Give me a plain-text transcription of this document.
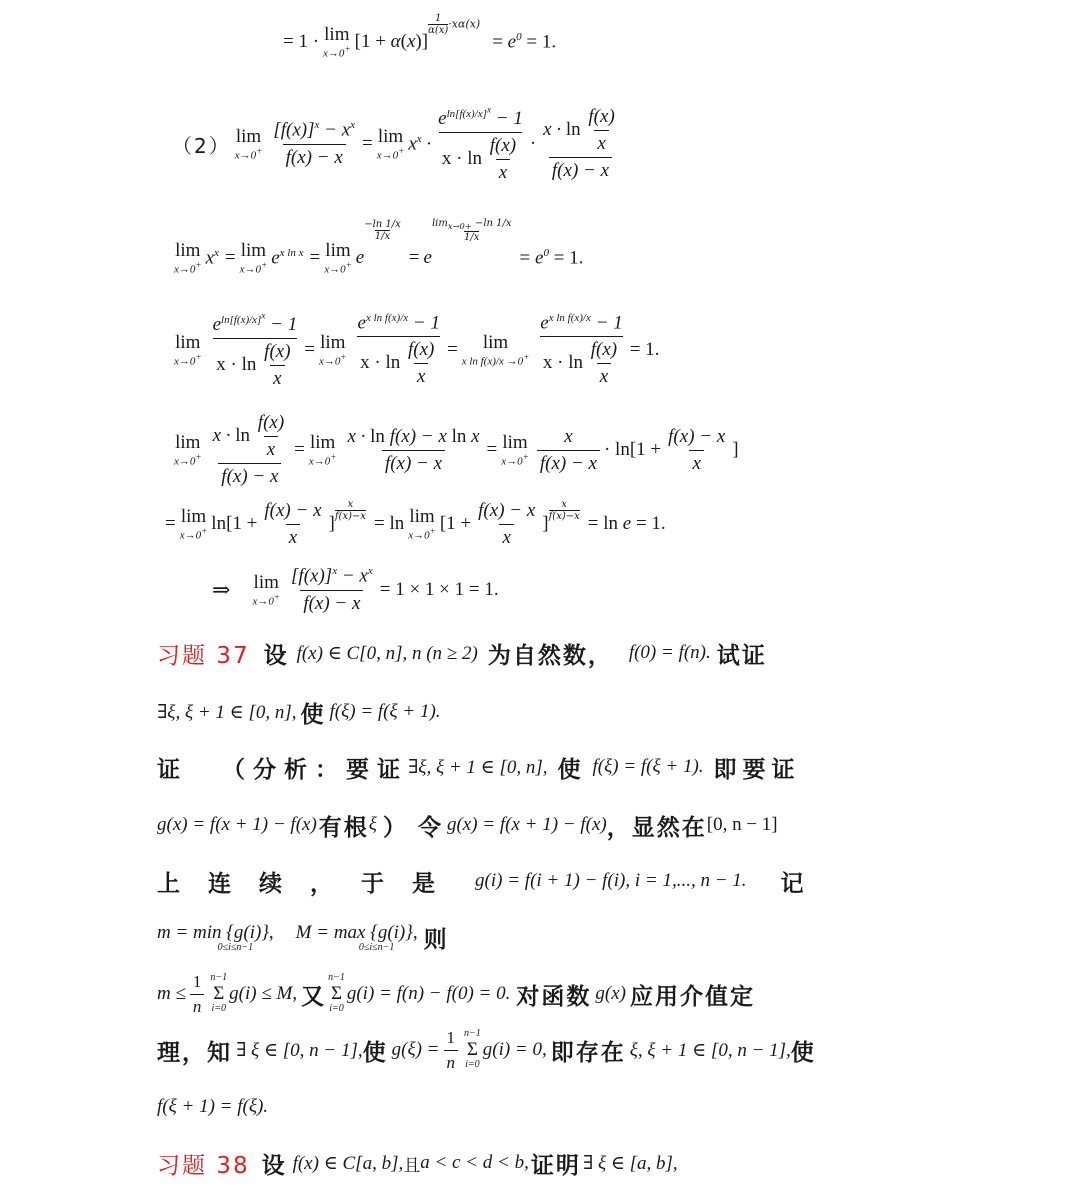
= 1 · lim
x→0+ [1 + α(x)]
$\frac{1}{\alpha(x)} \cdot x\alpha(x)$
= $e^0 = 1$.
（2） lim
$x\to 0^+ \frac{[f(x)]^x - x^x}{f(x) - x} = \lim$
x→0+ $x^x \cdot \frac{e^{ln[f(x)/x]^x} - 1}{x \cdot \ln \frac{f(x)}{x}} \cdot \frac{x \cdot \ln \frac{f(x)}{x}}{f(x) - x}$
lim
x→0+ $x^x = \lim$
x→0+ $e^{x ln x} = \lim$
x→0+ e
$\frac{-\ln 1/x}{1/x}$
= e
$\frac{\lim_{x\to 0+} -\ln 1/x}{1/x}$
= $e^0 = 1$.
lim
$x\to 0^+ \frac{e^{ln[f(x)/x]^x} - 1}{x \cdot \ln \frac{f(x)}{x}} = \lim$
$x\to 0^+ \frac{e^{x ln f(x)/x} - 1}{x \cdot \ln \frac{f(x)}{x}} = \lim$
x $\ln f(x)/x \to 0^+ \frac{e^{x ln f(x)/x} - 1}{x \cdot \ln \frac{f(x)}{x}} = 1$.
lim
$x\to 0^+ \frac{x \cdot \ln \frac{f(x)}{x}}{f(x) - x} = \lim$
$x\to 0^+ \frac{\text{x · ln f(x) − x ln x}}{f(x) - x} = \lim$
$x\to 0^+ \frac{x}{f(x) - x} \cdot \ln[1 + \frac{f(x) - x}{x}$ ]
= lim
x→0+ $\ln[1 + \frac{f(x) - x}{x}$ ]
$\frac{x}{f(x)-x}$
= ln lim
x→0+ [$1 + \frac{f(x) - x}{x}$ ]
$\frac{x}{f(x)-x}$
= ln e = 1.
⇒ lim
$x\to 0^+ \frac{[f(x)]^x - x^x}{f(x) - x} = 1 \times 1 \times 1 = 1$.
习题 37 设 f(x) ∈ C[0, n], n (n ≥ 2) 为自然数， f(0) = f(n). 试证
∃ξ, ξ + 1 ∈ [0, n], 使 f(ξ) = f(ξ + 1).
证 （分析：要证 ∃ξ, ξ + 1 ∈ [0, n], 使 f(ξ) = f(ξ + 1). 即要证
g(x) = f(x + 1) − f(x) 有根 ξ ） 令 g(x) = f(x + 1) − f(x) ，显然在 [0, n − 1]
上 连 续 ， 于 是 g(i) = f(i + 1) − f(i), i = 1,..., n − 1. 记
m = min {g(i)},
0≤i≤n−1
M = max {g(i)},
0≤i≤n−1 则
$m \le \frac{1}{n} n-1$
Σ
i=0
g(i) ≤ M, 又
n−1
Σ
i=0
g(i) = f(n) − f(0) = 0. 对函数 g(x) 应用介值定
理，知 ∃ ξ ∈ [0, n − 1], 使 $g(\xi) = \frac{1}{n} n-1$
Σ
i=0
g(i) = 0, 即存在 ξ, ξ + 1 ∈ [0, n − 1], 使
f(ξ + 1) = f(ξ).
习题 38 设 f(x) ∈ C[a, b], 且 a < c < d < b, 证明 ∃ ξ ∈ [a, b],
